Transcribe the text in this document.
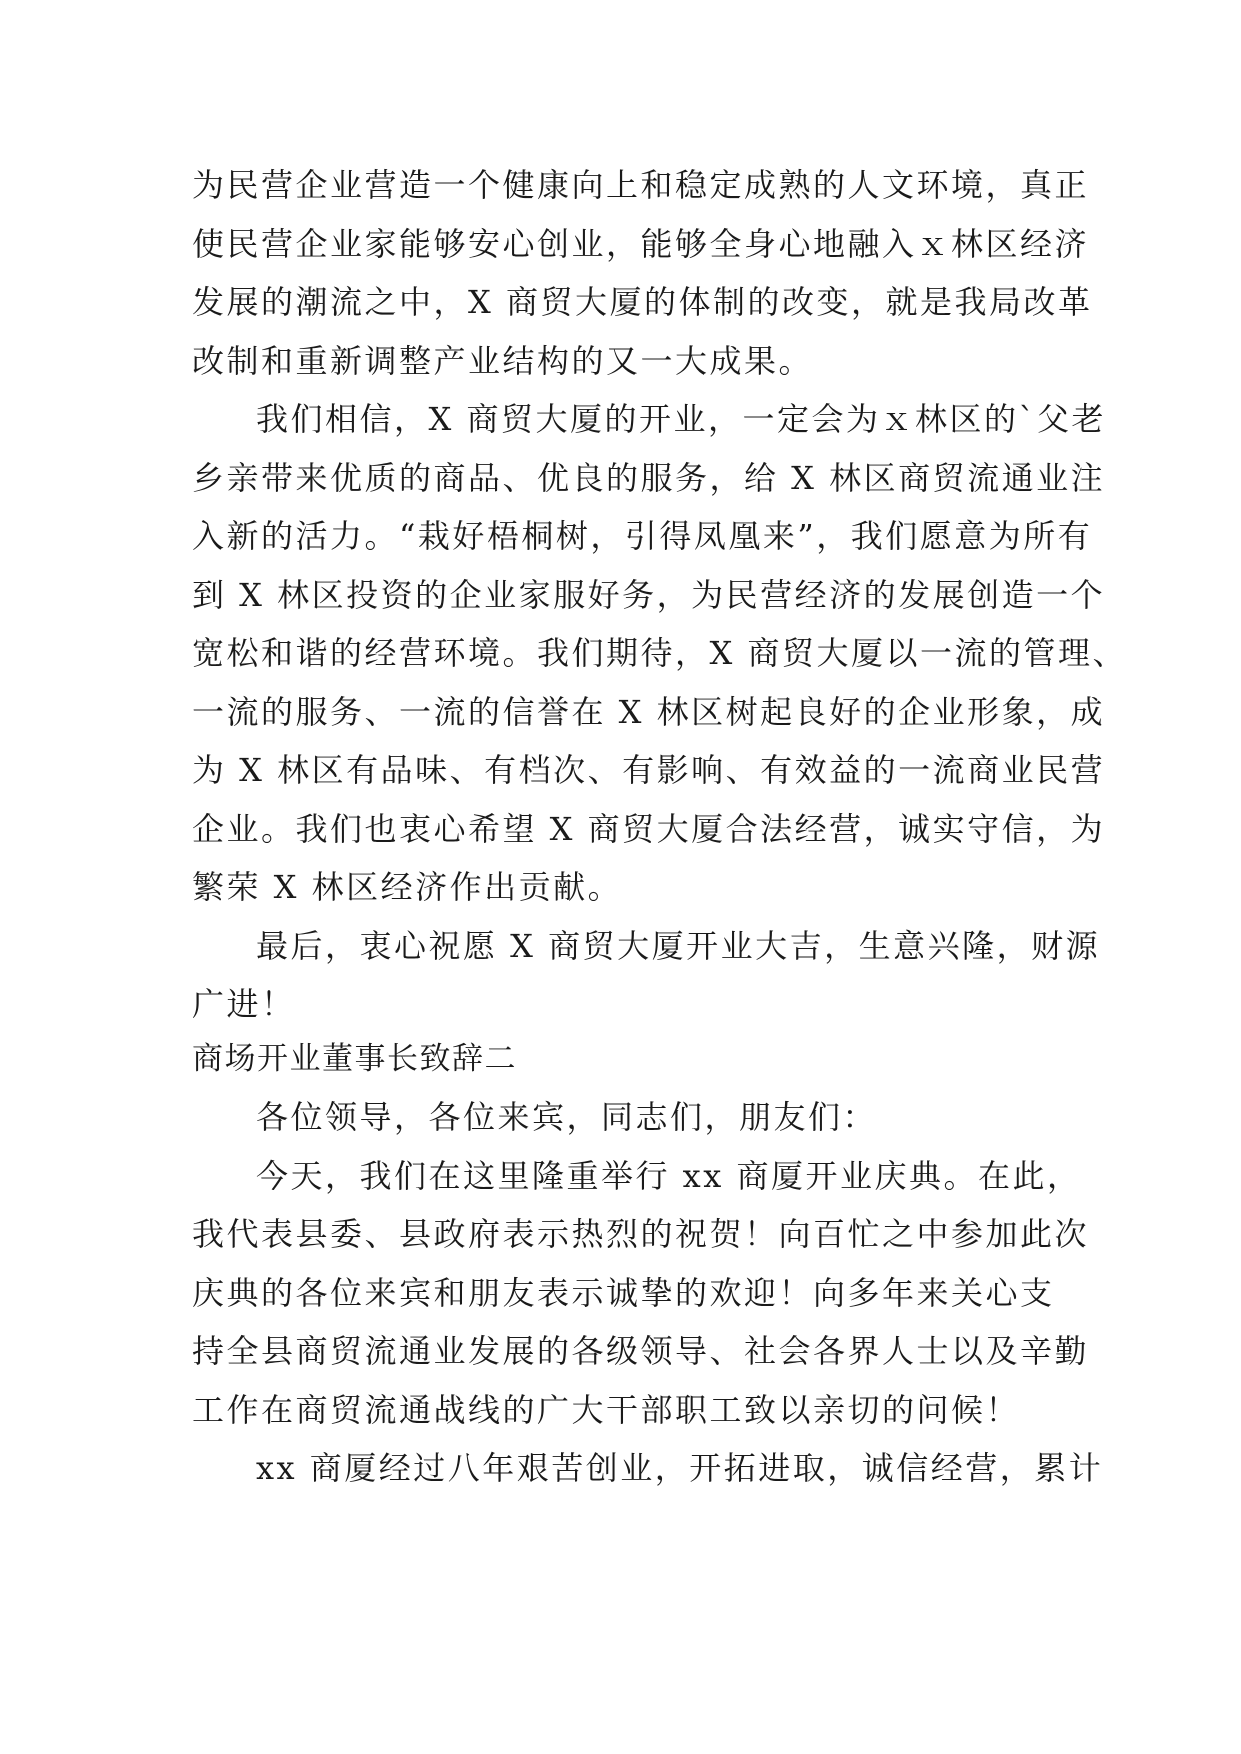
为民营企业营造一个健康向上和稳定成熟的人文环境，真正
使民营企业家能够安心创业，能够全身心地融入ｘ林区经济
发展的潮流之中，X 商贸大厦的体制的改变，就是我局改革
改制和重新调整产业结构的又一大成果。
我们相信，X 商贸大厦的开业，一定会为ｘ林区的`父老
乡亲带来优质的商品、优良的服务，给 X 林区商贸流通业注
入新的活力。“栽好梧桐树，引得凤凰来”，我们愿意为所有
到 X 林区投资的企业家服好务，为民营经济的发展创造一个
宽松和谐的经营环境。我们期待，X 商贸大厦以一流的管理、
一流的服务、一流的信誉在 X 林区树起良好的企业形象，成
为 X 林区有品味、有档次、有影响、有效益的一流商业民营
企业。我们也衷心希望 X 商贸大厦合法经营，诚实守信，为
繁荣 X 林区经济作出贡献。
最后，衷心祝愿 X 商贸大厦开业大吉，生意兴隆，财源
广进！
商场开业董事长致辞二
各位领导，各位来宾，同志们，朋友们：
今天，我们在这里隆重举行 xx 商厦开业庆典。在此，
我代表县委、县政府表示热烈的祝贺！向百忙之中参加此次
庆典的各位来宾和朋友表示诚挚的欢迎！向多年来关心支
持全县商贸流通业发展的各级领导、社会各界人士以及辛勤
工作在商贸流通战线的广大干部职工致以亲切的问候！
xx 商厦经过八年艰苦创业，开拓进取，诚信经营，累计
